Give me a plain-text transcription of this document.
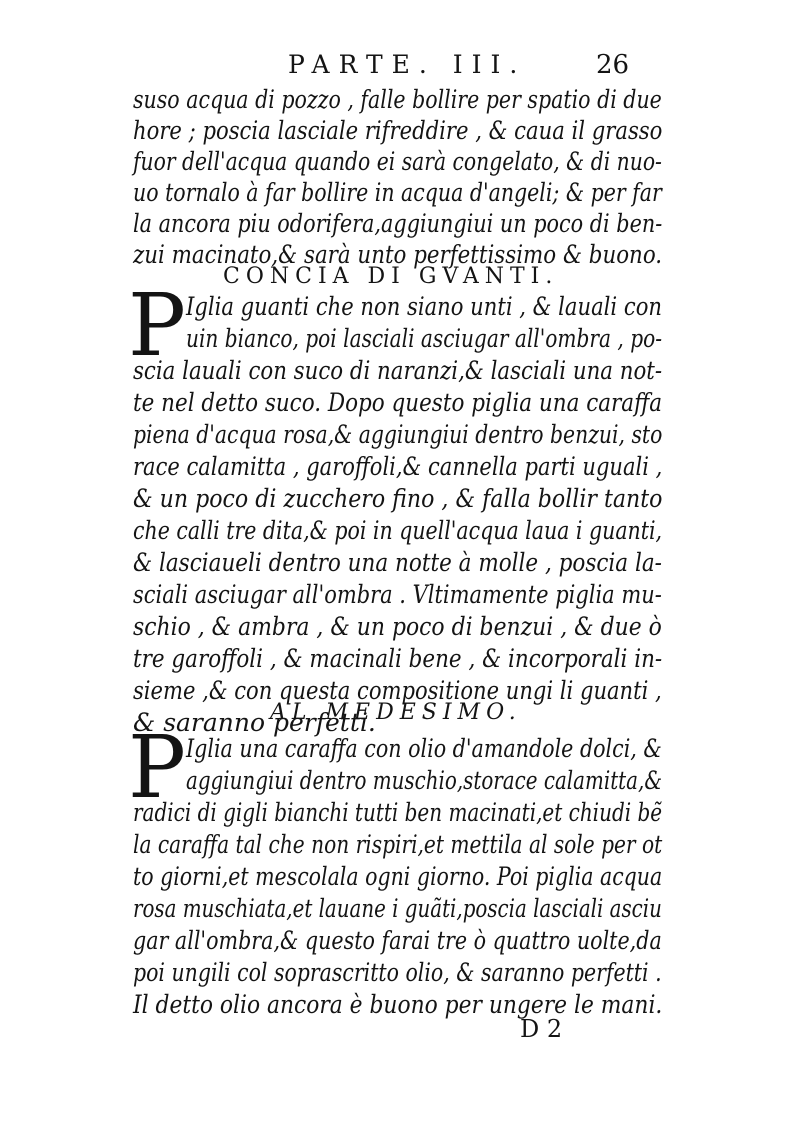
PARTE. III.	26
suso acqua di pozzo , falle bollire per spatio di due
hore ; poscia lasciale rifreddire , & caua il grasso
fuor dell'acqua quando ei sarà congelato, & di nuo-
uo tornalo à far bollire in acqua d'angeli; & per far
la ancora piu odorifera,aggiungiui un poco di ben-
zui macinato,& sarà unto perfettissimo & buono.
CONCIA DI GVANTI.
P Iglia guanti che non siano unti , & lauali con
uin bianco, poi lasciali asciugar all'ombra , po-
scia lauali con suco di naranzi,& lasciali una not-
te nel detto suco. Dopo questo piglia una caraffa
piena d'acqua rosa,& aggiungiui dentro benzui, sto
race calamitta , garoffoli,& cannella parti uguali ,
& un poco di zucchero fino , & falla bollir tanto
che calli tre dita,& poi in quell'acqua laua i guanti,
& lasciaueli dentro una notte à molle , poscia la-
sciali asciugar all'ombra . Vltimamente piglia mu-
schio , & ambra , & un poco di benzui , & due ò
tre garoffoli , & macinali bene , & incorporali in-
sieme ,& con questa compositione ungi li guanti ,
& saranno perfetti.
AL MEDESIMO.
P Iglia una caraffa con olio d'amandole dolci, &
aggiungiui dentro muschio,storace calamitta,&
radici di gigli bianchi tutti ben macinati,et chiudi bẽ
la caraffa tal che non rispiri,et mettila al sole per ot
to giorni,et mescolala ogni giorno. Poi piglia acqua
rosa muschiata,et lauane i guãti,poscia lasciali asciu
gar all'ombra,& questo farai tre ò quattro uolte,da
poi ungili col soprascritto olio, & saranno perfetti .
Il detto olio ancora è buono per ungere le mani.
D 2
